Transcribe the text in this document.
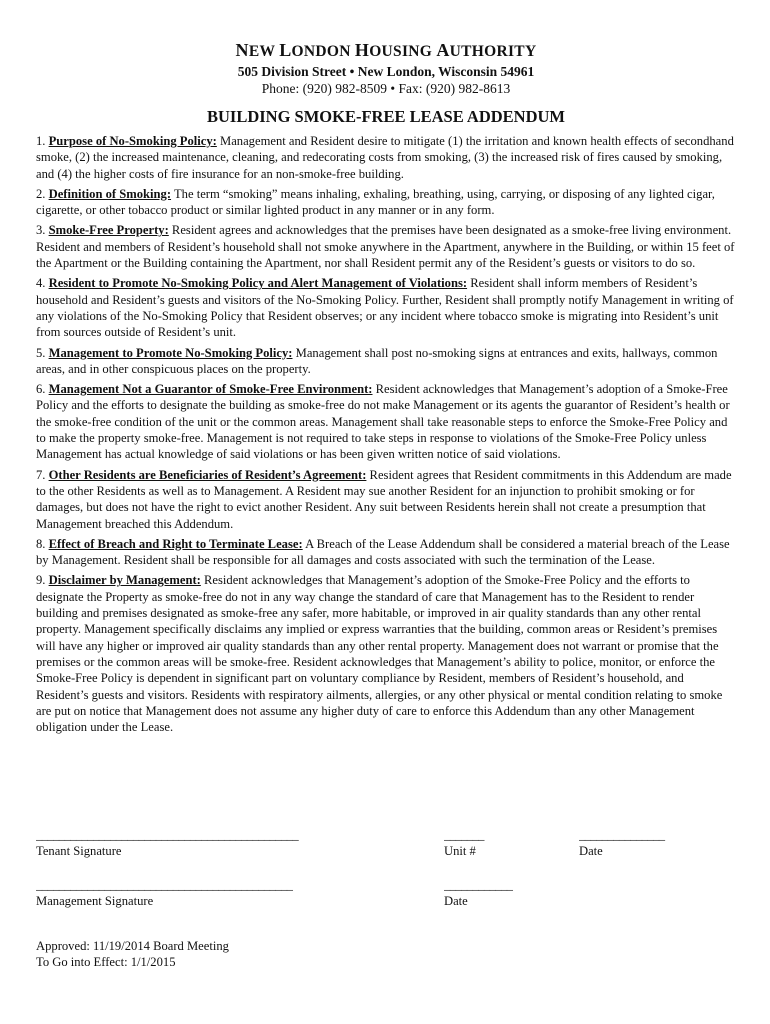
NEW LONDON HOUSING AUTHORITY
505 Division Street • New London, Wisconsin 54961
Phone: (920) 982-8509 • Fax: (920) 982-8613
BUILDING SMOKE-FREE LEASE ADDENDUM
1. Purpose of No-Smoking Policy: Management and Resident desire to mitigate (1) the irritation and known health effects of secondhand smoke, (2) the increased maintenance, cleaning, and redecorating costs from smoking, (3) the increased risk of fires caused by smoking, and (4) the higher costs of fire insurance for an non-smoke-free building.
2. Definition of Smoking: The term “smoking” means inhaling, exhaling, breathing, using, carrying, or disposing of any lighted cigar, cigarette, or other tobacco product or similar lighted product in any manner or in any form.
3. Smoke-Free Property: Resident agrees and acknowledges that the premises have been designated as a smoke-free living environment. Resident and members of Resident’s household shall not smoke anywhere in the Apartment, anywhere in the Building, or within 15 feet of the Apartment or the Building containing the Apartment, nor shall Resident permit any of the Resident’s guests or visitors to do so.
4. Resident to Promote No-Smoking Policy and Alert Management of Violations: Resident shall inform members of Resident’s household and Resident’s guests and visitors of the No-Smoking Policy. Further, Resident shall promptly notify Management in writing of any violations of the No-Smoking Policy that Resident observes; or any incident where tobacco smoke is migrating into Resident’s unit from sources outside of Resident’s unit.
5. Management to Promote No-Smoking Policy: Management shall post no-smoking signs at entrances and exits, hallways, common areas, and in other conspicuous places on the property.
6. Management Not a Guarantor of Smoke-Free Environment: Resident acknowledges that Management’s adoption of a Smoke-Free Policy and the efforts to designate the building as smoke-free do not make Management or its agents the guarantor of Resident’s health or the smoke-free condition of the unit or the common areas. Management shall take reasonable steps to enforce the Smoke-Free Policy and to make the property smoke-free. Management is not required to take steps in response to violations of the Smoke-Free Policy unless Management has actual knowledge of said violations or has been given written notice of said violations.
7. Other Residents are Beneficiaries of Resident’s Agreement: Resident agrees that Resident commitments in this Addendum are made to the other Residents as well as to Management. A Resident may sue another Resident for an injunction to prohibit smoking or for damages, but does not have the right to evict another Resident. Any suit between Residents herein shall not create a presumption that Management breached this Addendum.
8. Effect of Breach and Right to Terminate Lease: A Breach of the Lease Addendum shall be considered a material breach of the Lease by Management. Resident shall be responsible for all damages and costs associated with such the termination of the Lease.
9. Disclaimer by Management: Resident acknowledges that Management’s adoption of the Smoke-Free Policy and the efforts to designate the Property as smoke-free do not in any way change the standard of care that Management has to the Resident to render building and premises designated as smoke-free any safer, more habitable, or improved in air quality standards than any other rental property. Management specifically disclaims any implied or express warranties that the building, common areas or Resident’s premises will have any higher or improved air quality standards than any other rental property. Management does not warrant or promise that the premises or the common areas will be smoke-free. Resident acknowledges that Management’s ability to police, monitor, or enforce the Smoke-Free Policy is dependent in significant part on voluntary compliance by Resident, members of Resident’s household, and Resident’s guests and visitors. Residents with respiratory ailments, allergies, or any other physical or mental condition relating to smoke are put on notice that Management does not assume any higher duty of care to enforce this Addendum than any other Management obligation under the Lease.
______________________________________________
Tenant Signature
_______
Unit #
_______________
Date
_____________________________________________
Management Signature
____________
Date
Approved: 11/19/2014 Board Meeting
To Go into Effect: 1/1/2015
